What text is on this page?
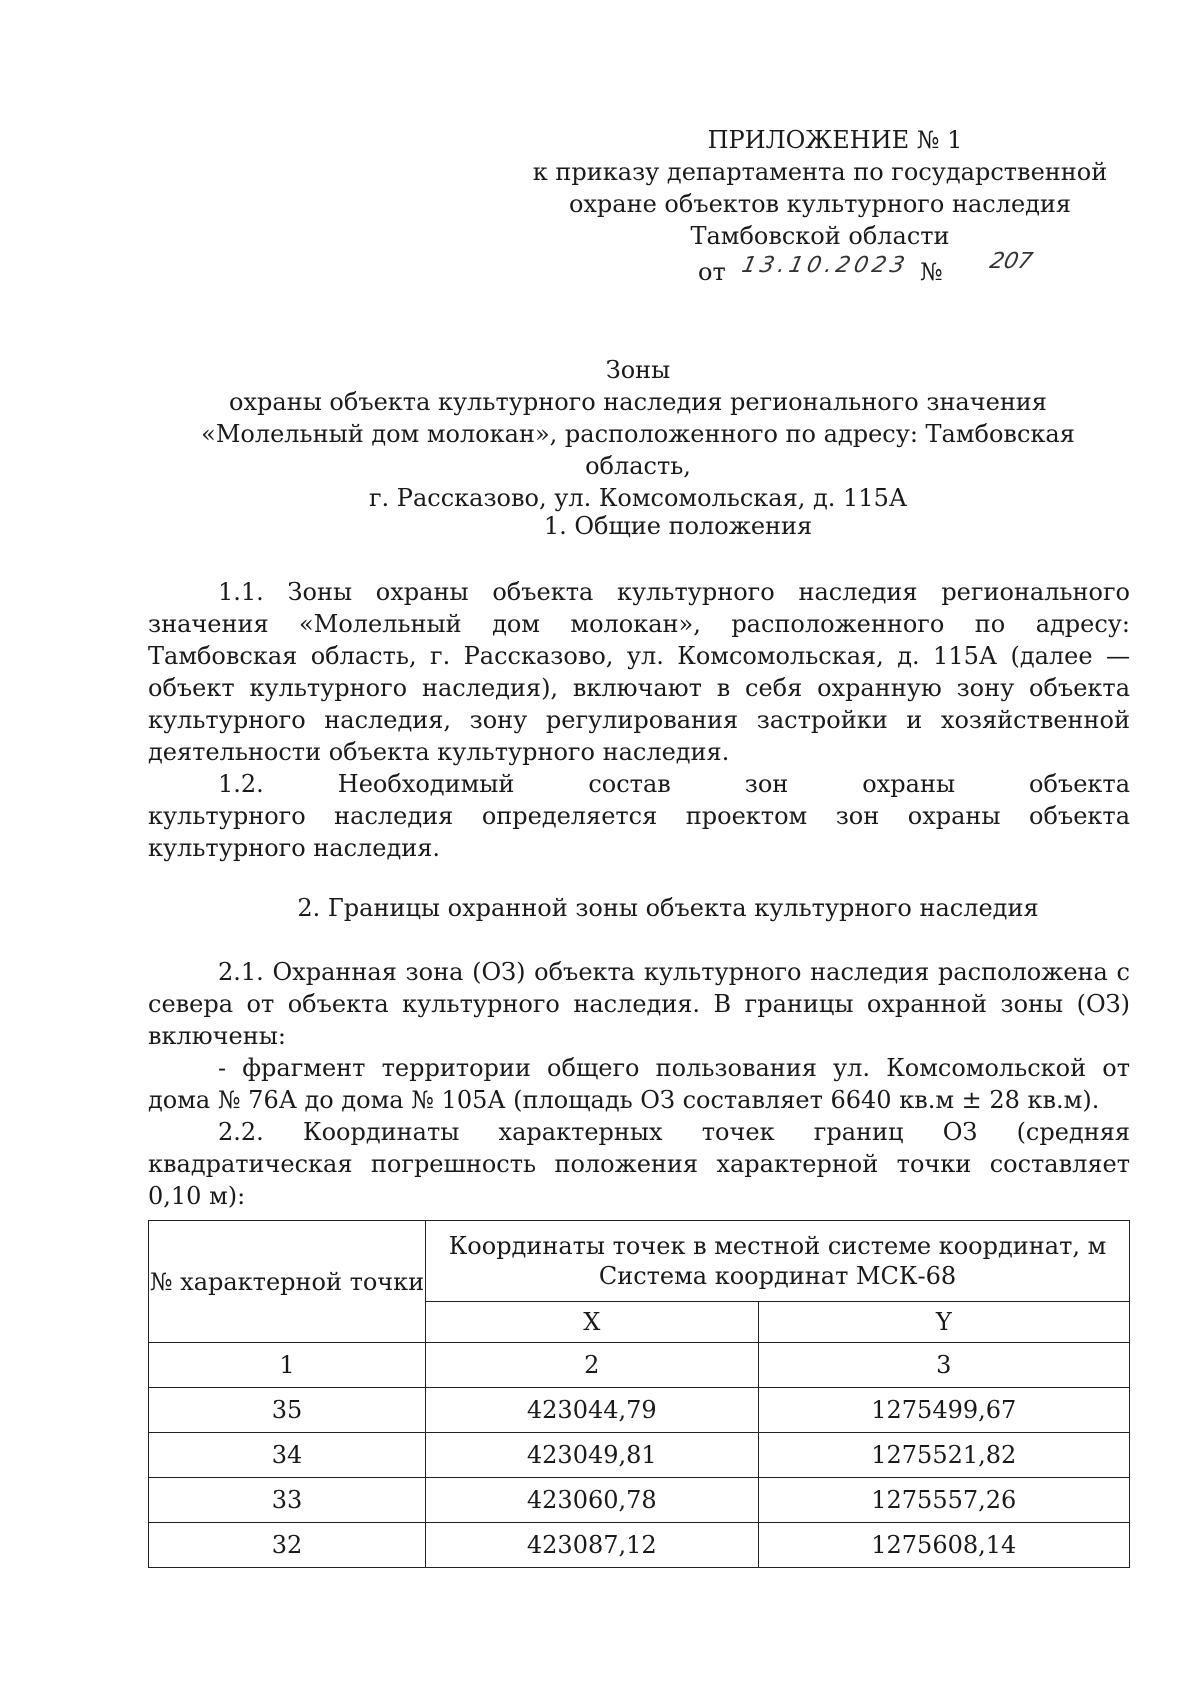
ПРИЛОЖЕНИЕ № 1
к приказу департамента по государственной
охране объектов культурного наследия
Тамбовской области
от 13.10.2023 № 207
Зоны
охраны объекта культурного наследия регионального значения
«Молельный дом молокан», расположенного по адресу: Тамбовская область,
г. Рассказово, ул. Комсомольская, д. 115А
1. Общие положения

1.1. Зоны охраны объекта культурного наследия регионального значения «Молельный дом молокан», расположенного по адресу: Тамбовская область, г. Рассказово, ул. Комсомольская, д. 115А (далее — объект культурного наследия), включают в себя охранную зону объекта культурного наследия, зону регулирования застройки и хозяйственной деятельности объекта культурного наследия.

1.2. Необходимый состав зон охраны объекта

культурного наследия определяется проектом зон охраны объекта культурного наследия.

2. Границы охранной зоны объекта культурного наследия

2.1. Охранная зона (ОЗ) объекта культурного наследия расположена с севера от объекта культурного наследия. В границы охранной зоны (ОЗ) включены:

- фрагмент территории общего пользования ул. Комсомольской от дома № 76А до дома № 105А (площадь ОЗ составляет 6640 кв.м ± 28 кв.м).

2.2. Координаты характерных точек границ ОЗ (средняя квадратическая погрешность положения характерной точки составляет 0,10 м):

№ характерной точки	Координаты точек в местной системе координат, м
Система координат МСК-68	

	X	Y
1	2	3
35	423044,79	1275499,67
34	423049,81	1275521,82
33	423060,78	1275557,26
32	423087,12	1275608,14
